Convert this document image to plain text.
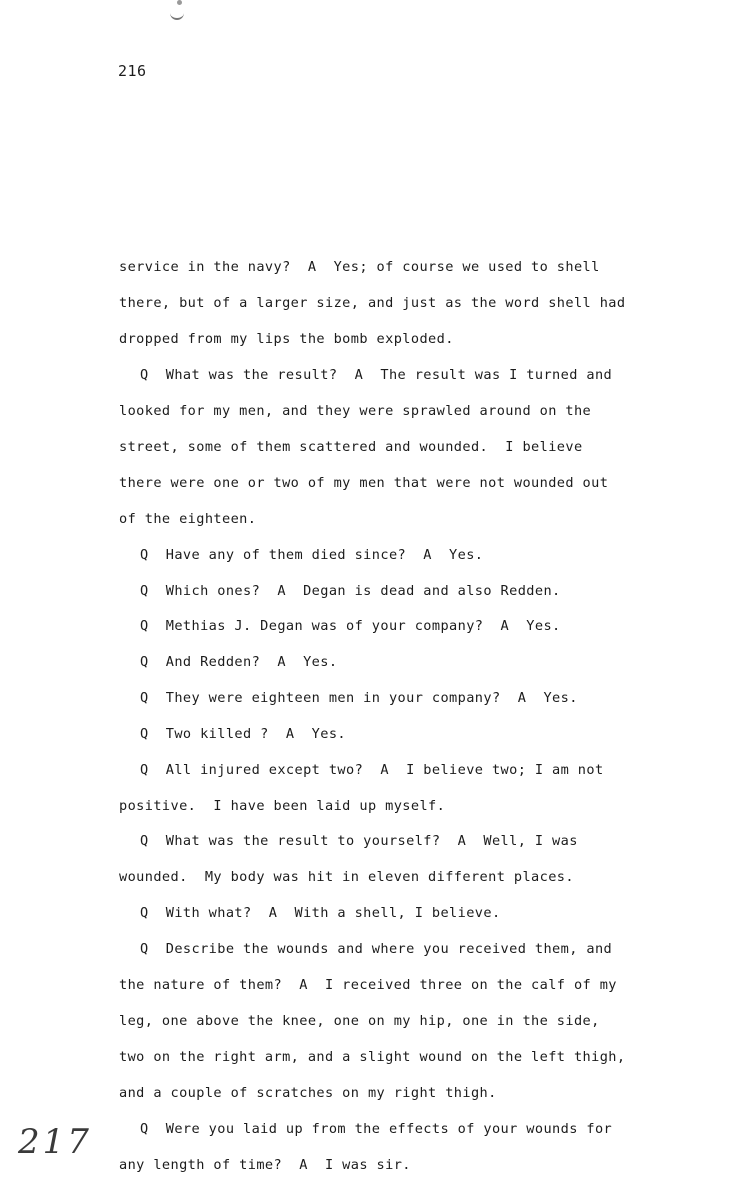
216
service in the navy?  A  Yes; of course we used to shell
there, but of a larger size, and just as the word shell had
dropped from my lips the bomb exploded.
Q  What was the result?  A  The result was I turned and
looked for my men, and they were sprawled around on the
street, some of them scattered and wounded.  I believe
there were one or two of my men that were not wounded out
of the eighteen.
Q  Have any of them died since?  A  Yes.
Q  Which ones?  A  Degan is dead and also Redden.
Q  Methias J. Degan was of your company?  A  Yes.
Q  And Redden?  A  Yes.
Q  They were eighteen men in your company?  A  Yes.
Q  Two killed ?  A  Yes.
Q  All injured except two?  A  I believe two; I am not
positive.  I have been laid up myself.
Q  What was the result to yourself?  A  Well, I was
wounded.  My body was hit in eleven different places.
Q  With what?  A  With a shell, I believe.
Q  Describe the wounds and where you received them, and
the nature of them?  A  I received three on the calf of my
leg, one above the knee, one on my hip, one in the side,
two on the right arm, and a slight wound on the left thigh,
and a couple of scratches on my right thigh.
Q  Were you laid up from the effects of your wounds for
any length of time?  A  I was sir.
217
